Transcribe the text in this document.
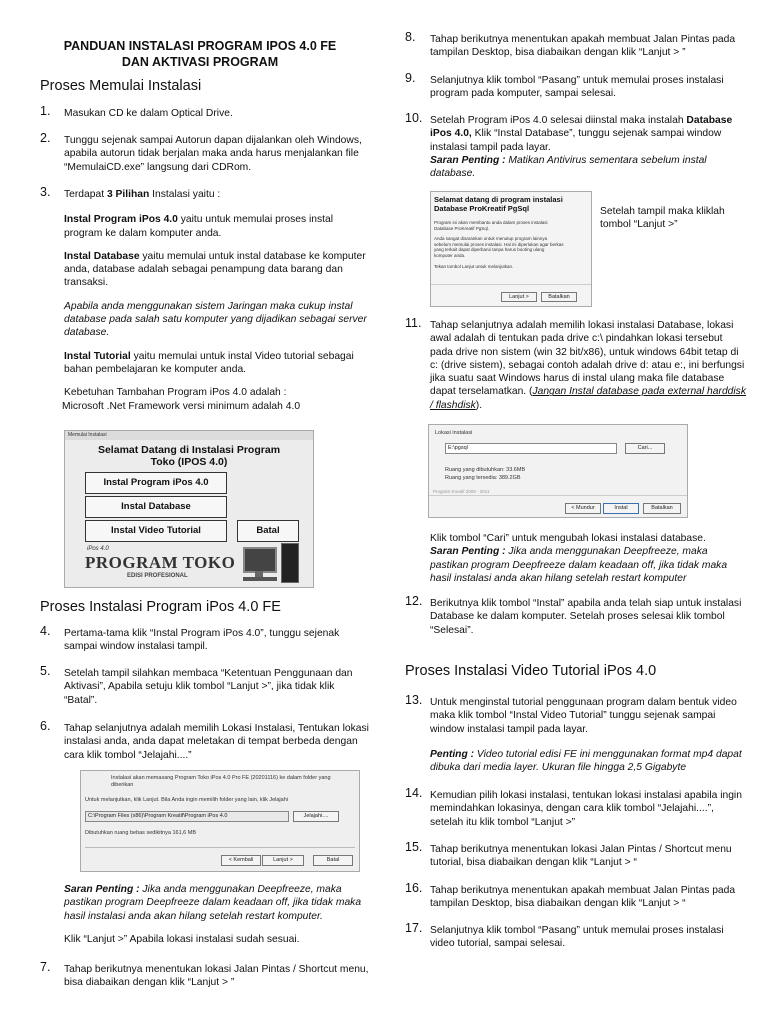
PANDUAN INSTALASI PROGRAM IPOS 4.0 FE
DAN AKTIVASI PROGRAM
Proses Memulai Instalasi
1. Masukan CD ke dalam Optical Drive.
2. Tunggu sejenak sampai Autorun dapan dijalankan oleh Windows, apabila autorun tidak berjalan maka anda harus menjalankan file “MemulaiCD.exe” langsung dari CDRom.
3. Terdapat 3 Pilihan Instalasi yaitu :

Instal Program iPos 4.0 yaitu untuk memulai proses instal program ke dalam komputer anda.

Instal Database yaitu memulai untuk instal database ke komputer anda, database adalah sebagai penampung data barang dan transaksi.

Apabila anda menggunakan sistem Jaringan maka cukup instal database pada salah satu komputer yang dijadikan sebagai server database.

Instal Tutorial yaitu memulai untuk instal Video tutorial sebagai bahan pembelajaran ke komputer anda.

Kebetuhan Tambahan Program iPos 4.0 adalah :

Microsoft .Net Framework versi minimum adalah 4.0

Memulai Instalasi
Selamat Datang di Instalasi Program
Toko (IPOS 4.0)
Instal Program iPos 4.0
Instal Database
Instal Video Tutorial	Batal
iPos 4.0
PROGRAM TOKO
EDISI PROFESIONAL
Proses Instalasi Program iPos 4.0 FE
4. Pertama-tama klik “Instal Program iPos 4.0”, tunggu sejenak sampai window instalasi tampil.
5. Setelah tampil silahkan membaca “Ketentuan Penggunaan dan Aktivasi”, Apabila setuju klik tombol “Lanjut >”, jika tidak klik “Batal”.
6. Tahap selanjutnya adalah memilih Lokasi Instalasi, Tentukan lokasi instalasi anda, anda dapat meletakan di tempat berbeda dengan cara klik tombol “Jelajahi....”
Instalasi akan memasang Program Toko iPos 4.0 Pro FE (20201116) ke dalam folder yang diberikan
Untuk melanjutkan, klik Lanjut. Bila Anda ingin memilih folder yang lain, klik Jelajahi
C:\Program Files (x86)\Program Kreatif\Program iPos 4.0	Jelajahi....
Dibutuhkan ruang bebas sedikitnya 161,6 MB
< Kembali	Lanjut >	Batal

Saran Penting : Jika anda menggunakan Deepfreeze, maka pastikan program Deepfreeze dalam keadaan off, jika tidak maka hasil instalasi anda akan hilang setelah restart komputer.

Klik “Lanjut >” Apabila lokasi instalasi sudah sesuai.

7. Tahap berikutnya menentukan lokasi Jalan Pintas / Shortcut menu, bisa diabaikan dengan klik “Lanjut > ”
8. Tahap berikutnya menentukan apakah membuat Jalan Pintas pada tampilan Desktop, bisa diabaikan dengan klik “Lanjut > ”
9. Selanjutnya klik tombol “Pasang” untuk memulai proses instalasi program pada komputer, sampai selesai.
10. Setelah Program iPos 4.0 selesai diinstal maka instalah Database iPos 4.0, Klik “Instal Database”, tunggu sejenak sampai window instalasi tampil pada layar.

Saran Penting : Matikan Antivirus sementara sebelum instal database.

Selamat datang di program instalasi
Database ProKreatif PgSql
Program ini akan membantu anda dalam proses instalasi Database ProKreatif PgSql.
Anda sangat disarankan untuk menutup program lainnya sebelum memulai proses instalasi. Hal ini diperlukan agar berkas yang terkait dapat diperbarui tanpa harus booting ulang komputer anda.
Tekan tombol Lanjut untuk melanjutkan.
Lanjut >	Batalkan
Setelah tampil maka kliklah tombol “Lanjut >”
11. Tahap selanjutnya adalah memilih lokasi instalasi Database, lokasi awal adalah di tentukan pada drive c:\ pindahkan lokasi tersebut pada drive non sistem (win 32 bit/x86), untuk windows 64bit tetap di c: (drive sistem), sebagai contoh adalah drive d: atau e:, ini berfungsi jika suatu saat Windows harus di instal ulang maka file database dapat terselamatkan. (Jangan Instal database pada external harddisk / flashdisk).
Lokasi instalasi
E:\pgsql	Cari...
Ruang yang dibutuhkan: 33.6MB
Ruang yang tersedia: 389.2GB
Program Kreatif 2008 - 2011
< Mundur	Instal	Batalkan

Klik tombol “Cari” untuk mengubah lokasi instalasi database.

Saran Penting : Jika anda menggunakan Deepfreeze, maka pastikan program Deepfreeze dalam keadaan off, jika tidak maka hasil instalasi anda akan hilang setelah restart komputer

12. Berikutnya klik tombol “Instal” apabila anda telah siap untuk instalasi Database ke dalam komputer. Setelah proses selesai klik tombol “Selesai”.
Proses Instalasi Video Tutorial iPos 4.0
13. Untuk menginstal tutorial penggunaan program dalam bentuk video maka klik tombol “Instal Video Tutorial” tunggu sejenak sampai window instalasi tampil pada layar.

Penting : Video tutorial edisi FE ini menggunakan format mp4 dapat dibuka dari media layer. Ukuran file hingga 2,5 Gigabyte

14. Kemudian pilih lokasi instalasi, tentukan lokasi instalasi apabila ingin memindahkan lokasinya, dengan cara klik tombol “Jelajahi....”, setelah itu klik tombol “Lanjut >”
15. Tahap berikutnya menentukan lokasi Jalan Pintas / Shortcut menu tutorial, bisa diabaikan dengan klik “Lanjut > “
16. Tahap berikutnya menentukan apakah membuat Jalan Pintas pada tampilan Desktop, bisa diabaikan dengan klik “Lanjut > “
17. Selanjutnya klik tombol “Pasang” untuk memulai proses instalasi video tutorial, sampai selesai.
